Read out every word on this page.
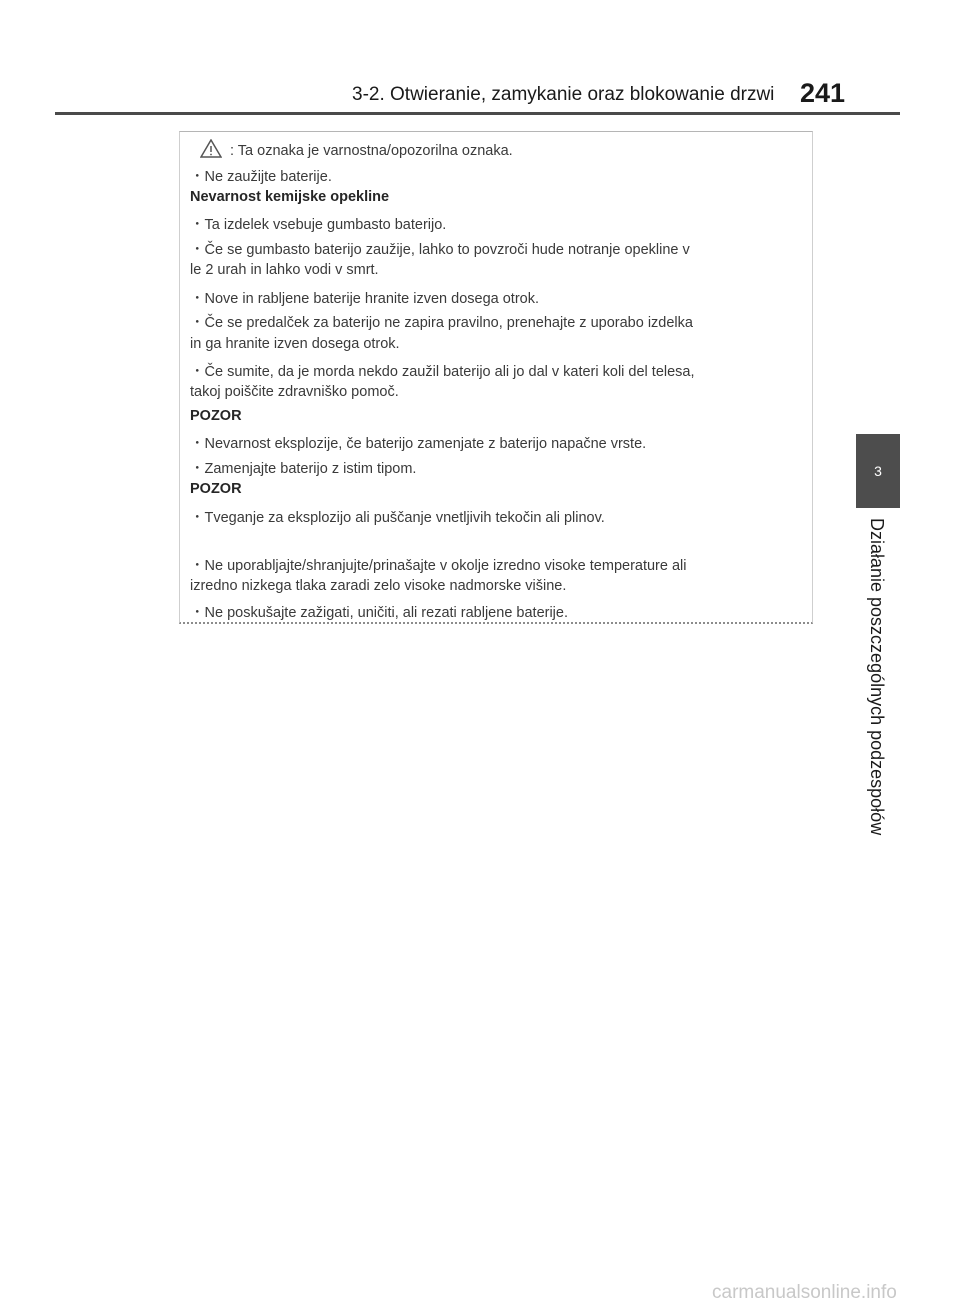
3-2. Otwieranie, zamykanie oraz blokowanie drzwi 241
3
Działanie poszczególnych podzespołów
: Ta oznaka je varnostna/opozorilna oznaka.
・Ne zaužijte baterije.
Nevarnost kemijske opekline
・Ta izdelek vsebuje gumbasto baterijo.
・Če se gumbasto baterijo zaužije, lahko to povzroči hude notranje opekline v
le 2 urah in lahko vodi v smrt.
・Nove in rabljene baterije hranite izven dosega otrok.
・Če se predalček za baterijo ne zapira pravilno, prenehajte z uporabo izdelka
in ga hranite izven dosega otrok.
・Če sumite, da je morda nekdo zaužil baterijo ali jo dal v kateri koli del telesa,
takoj poiščite zdravniško pomoč.
POZOR
・Nevarnost eksplozije, če baterijo zamenjate z baterijo napačne vrste.
・Zamenjajte baterijo z istim tipom.
POZOR
・Tveganje za eksplozijo ali puščanje vnetljivih tekočin ali plinov.
・Ne uporabljajte/shranjujte/prinašajte v okolje izredno visoke temperature ali
izredno nizkega tlaka zaradi zelo visoke nadmorske višine.
・Ne poskušajte zažigati, uničiti, ali rezati rabljene baterije.
carmanualsonline.info
